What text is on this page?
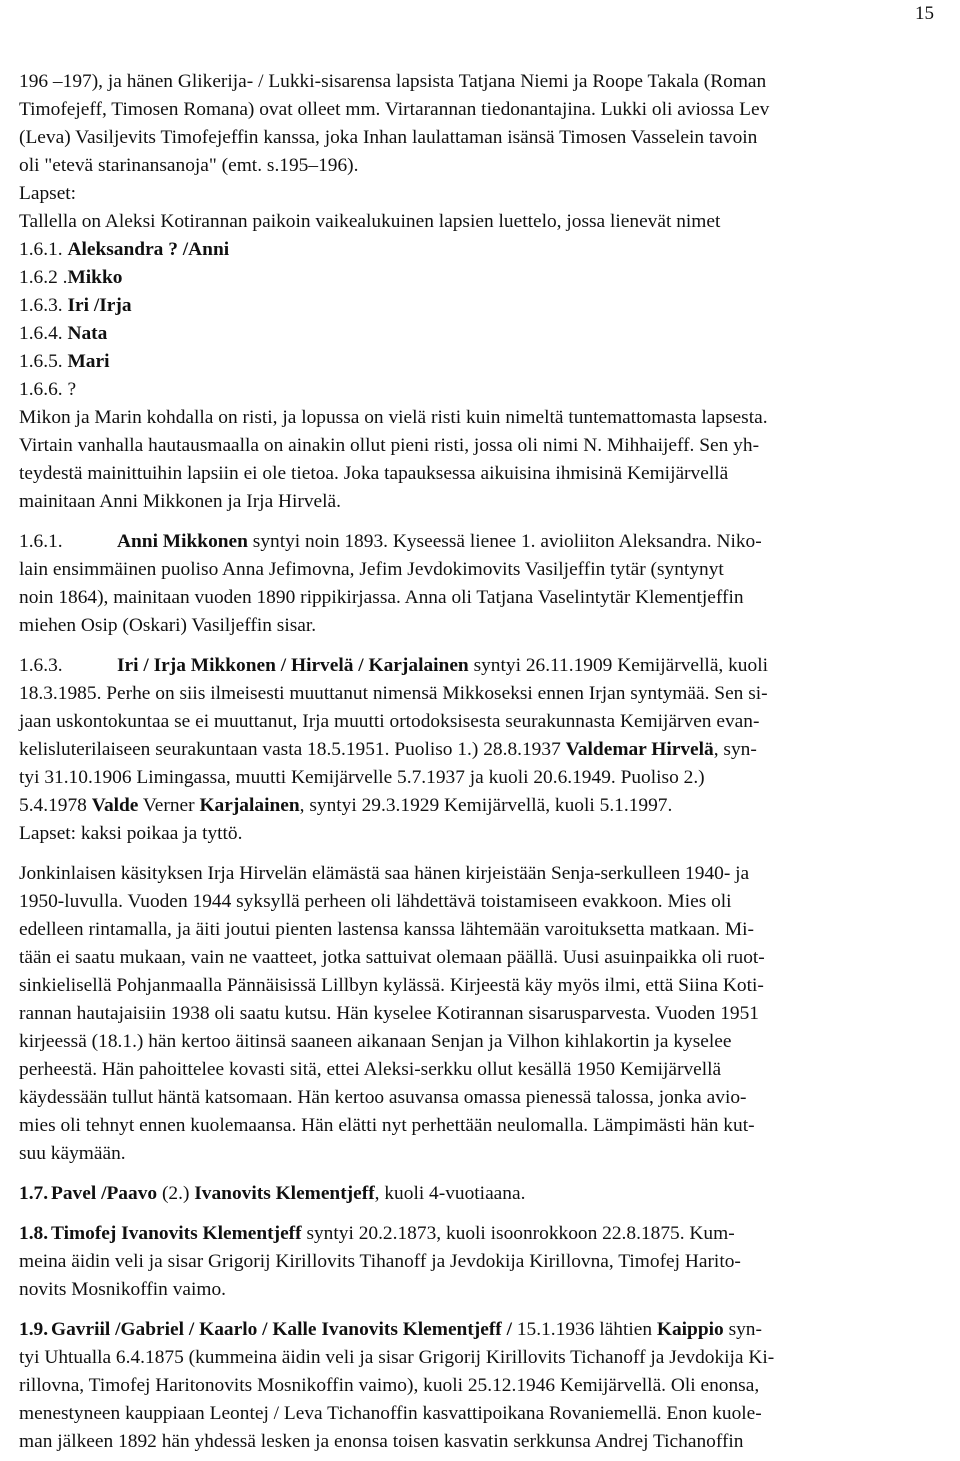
15
196 –197), ja hänen Glikerija- / Lukki-sisarensa lapsista Tatjana Niemi ja Roope Takala (Roman
Timofejeff, Timosen Romana) ovat olleet mm. Virtarannan tiedonantajina. Lukki oli aviossa Lev
(Leva) Vasiljevits Timofejeffin kanssa, joka Inhan laulattaman isänsä Timosen Vasselein tavoin
oli "etevä starinansanoja" (emt. s.195–196).
Lapset:
Tallella on Aleksi Kotirannan paikoin vaikealukuinen lapsien luettelo, jossa lienevät nimet
1.6.1. Aleksandra ? /Anni
1.6.2 .Mikko
1.6.3. Iri /Irja
1.6.4. Nata
1.6.5. Mari
1.6.6. ?
Mikon ja Marin kohdalla on risti, ja lopussa on vielä risti kuin nimeltä tuntemattomasta lapsesta.
Virtain vanhalla hautausmaalla on ainakin ollut pieni risti, jossa oli nimi N. Mihhaijeff. Sen yh-
teydestä mainittuihin lapsiin ei ole tietoa. Joka tapauksessa aikuisina ihmisinä Kemijärvellä
mainitaan Anni Mikkonen ja Irja Hirvelä.
1.6.1.	Anni Mikkonen syntyi noin 1893. Kyseessä lienee 1. avioliiton Aleksandra. Niko-
lain ensimmäinen puoliso Anna Jefimovna, Jefim Jevdokimovits Vasiljeffin tytär (syntynyt
noin 1864), mainitaan vuoden 1890 rippikirjassa. Anna oli Tatjana Vaselintytär Klementjeffin
miehen Osip (Oskari) Vasiljeffin sisar.
1.6.3.	Iri / Irja Mikkonen / Hirvelä / Karjalainen syntyi 26.11.1909 Kemijärvellä, kuoli
18.3.1985. Perhe on siis ilmeisesti muuttanut nimensä Mikkoseksi ennen Irjan syntymää. Sen si-
jaan uskontokuntaa se ei muuttanut, Irja muutti ortodoksisesta seurakunnasta Kemijärven evan-
kelisluterilaiseen seurakuntaan vasta 18.5.1951. Puoliso 1.) 28.8.1937 Valdemar Hirvelä, syn-
tyi 31.10.1906 Limingassa, muutti Kemijärvelle 5.7.1937 ja kuoli 20.6.1949. Puoliso 2.)
5.4.1978 Valde Verner Karjalainen, syntyi 29.3.1929 Kemijärvellä, kuoli 5.1.1997.
Lapset: kaksi poikaa ja tyttö.
Jonkinlaisen käsityksen Irja Hirvelän elämästä saa hänen kirjeistään Senja-serkulleen 1940- ja
1950-luvulla. Vuoden 1944 syksyllä perheen oli lähdettävä toistamiseen evakkoon. Mies oli
edelleen rintamalla, ja äiti joutui pienten lastensa kanssa lähtemään varoituksetta matkaan. Mi-
tään ei saatu mukaan, vain ne vaatteet, jotka sattuivat olemaan päällä. Uusi asuinpaikka oli ruot-
sinkielisellä Pohjanmaalla Pännäisissä Lillbyn kylässä. Kirjeestä käy myös ilmi, että Siina Koti-
rannan hautajaisiin 1938 oli saatu kutsu. Hän kyselee Kotirannan sisarusparvesta. Vuoden 1951
kirjeessä (18.1.) hän kertoo äitinsä saaneen aikanaan Senjan ja Vilhon kihlakortin ja kyselee
perheestä. Hän pahoittelee kovasti sitä, ettei Aleksi-serkku ollut kesällä 1950 Kemijärvellä
käydessään tullut häntä katsomaan. Hän kertoo asuvansa omassa pienessä talossa, jonka avio-
mies oli tehnyt ennen kuolemaansa. Hän elätti nyt perhettään neulomalla. Lämpimästi hän kut-
suu käymään.
1.7. Pavel /Paavo (2.) Ivanovits Klementjeff, kuoli 4-vuotiaana.
1.8. Timofej Ivanovits Klementjeff syntyi 20.2.1873, kuoli isoonrokkoon 22.8.1875. Kum-
meina äidin veli ja sisar Grigorij Kirillovits Tihanoff ja Jevdokija Kirillovna, Timofej Harito-
novits Mosnikoffin vaimo.
1.9. Gavriil /Gabriel / Kaarlo / Kalle Ivanovits Klementjeff / 15.1.1936 lähtien Kaippio syn-
tyi Uhtualla 6.4.1875 (kummeina äidin veli ja sisar Grigorij Kirillovits Tichanoff ja Jevdokija Ki-
rillovna, Timofej Haritonovits Mosnikoffin vaimo), kuoli 25.12.1946 Kemijärvellä. Oli enonsa,
menestyneen kauppiaan Leontej / Leva Tichanoffin kasvattipoikana Rovaniemellä. Enon kuole-
man jälkeen 1892 hän yhdessä lesken ja enonsa toisen kasvatin serkkunsa Andrej Tichanoffin
